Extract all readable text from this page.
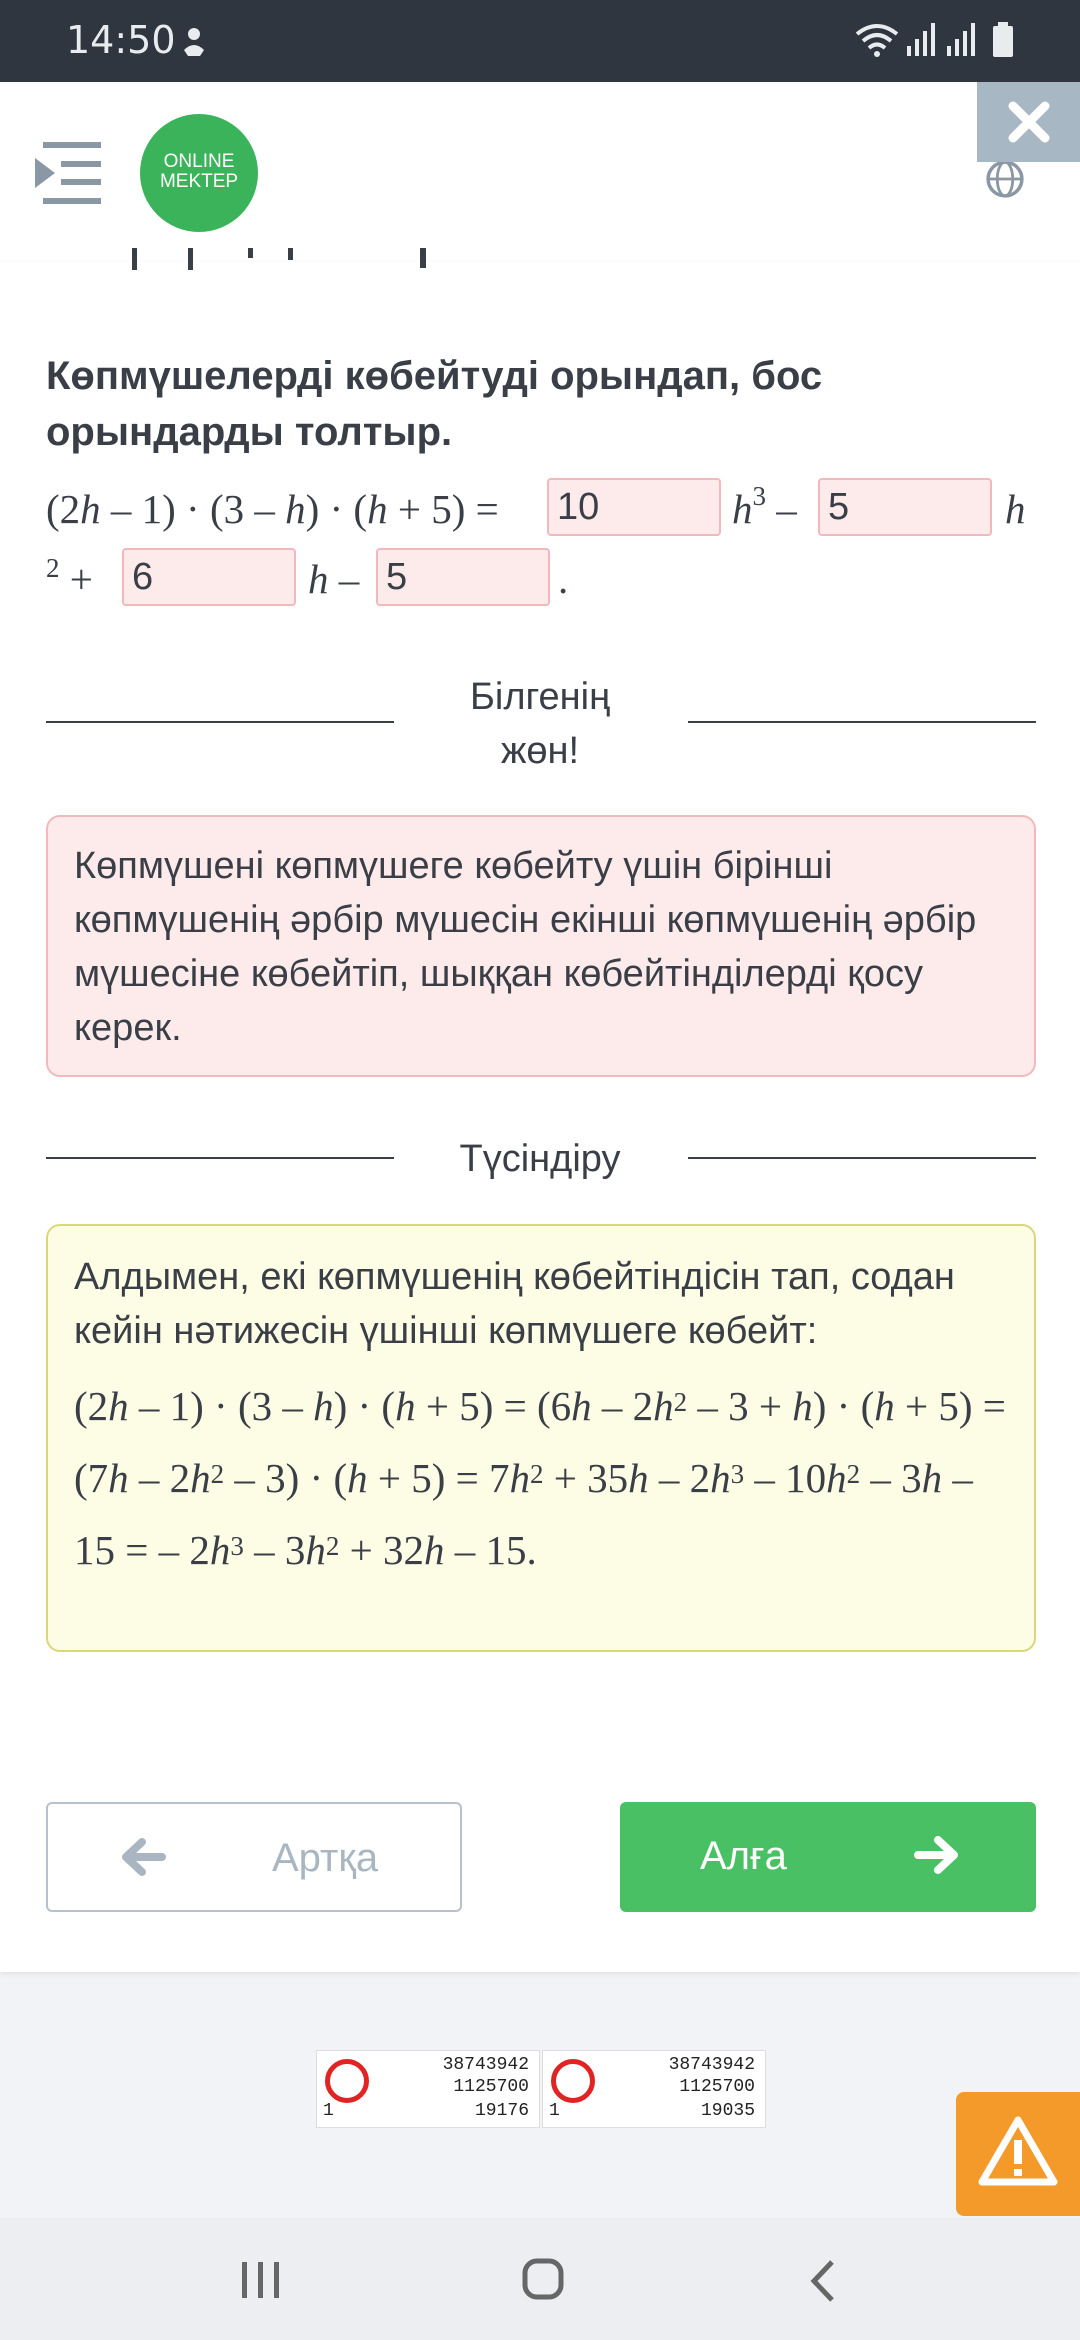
14:50
ONLINE
MEKTEP
Көпмүшелерді көбейтуді орындап, бос орындарды толтыр.
(2h – 1) · (3 – h) · (h + 5) = 10	$h^3 - 5$	h
$^2$ + 6	h – 5	.
Білгенің
жөн!
Көпмүшені көпмүшеге көбейту үшін бірінші көпмүшенің әрбір мүшесін екінші көпмүшенің әрбір мүшесіне көбейтіп, шыққан көбейтінділерді қосу керек.
Түсіндіру
Алдымен, екі көпмүшенің көбейтіндісін тап, содан кейін нәтижесін үшінші көпмүшеге көбейт:
$(2h - 1) \cdot (3 - h) \cdot (h + 5) = (6h - 2h^2 - 3 + h) \cdot (h + 5) = (7h - 2h^2 - 3) \cdot (h + 5) = 7h^2 + 35h - 2h^3 - 10h^2 - 3h - 15$ = – $2h^3 - 3h^2 + 32h - 15$.
Артқа	Алға
38743942
1125700
19176
1
38743942
1125700
19035
1
